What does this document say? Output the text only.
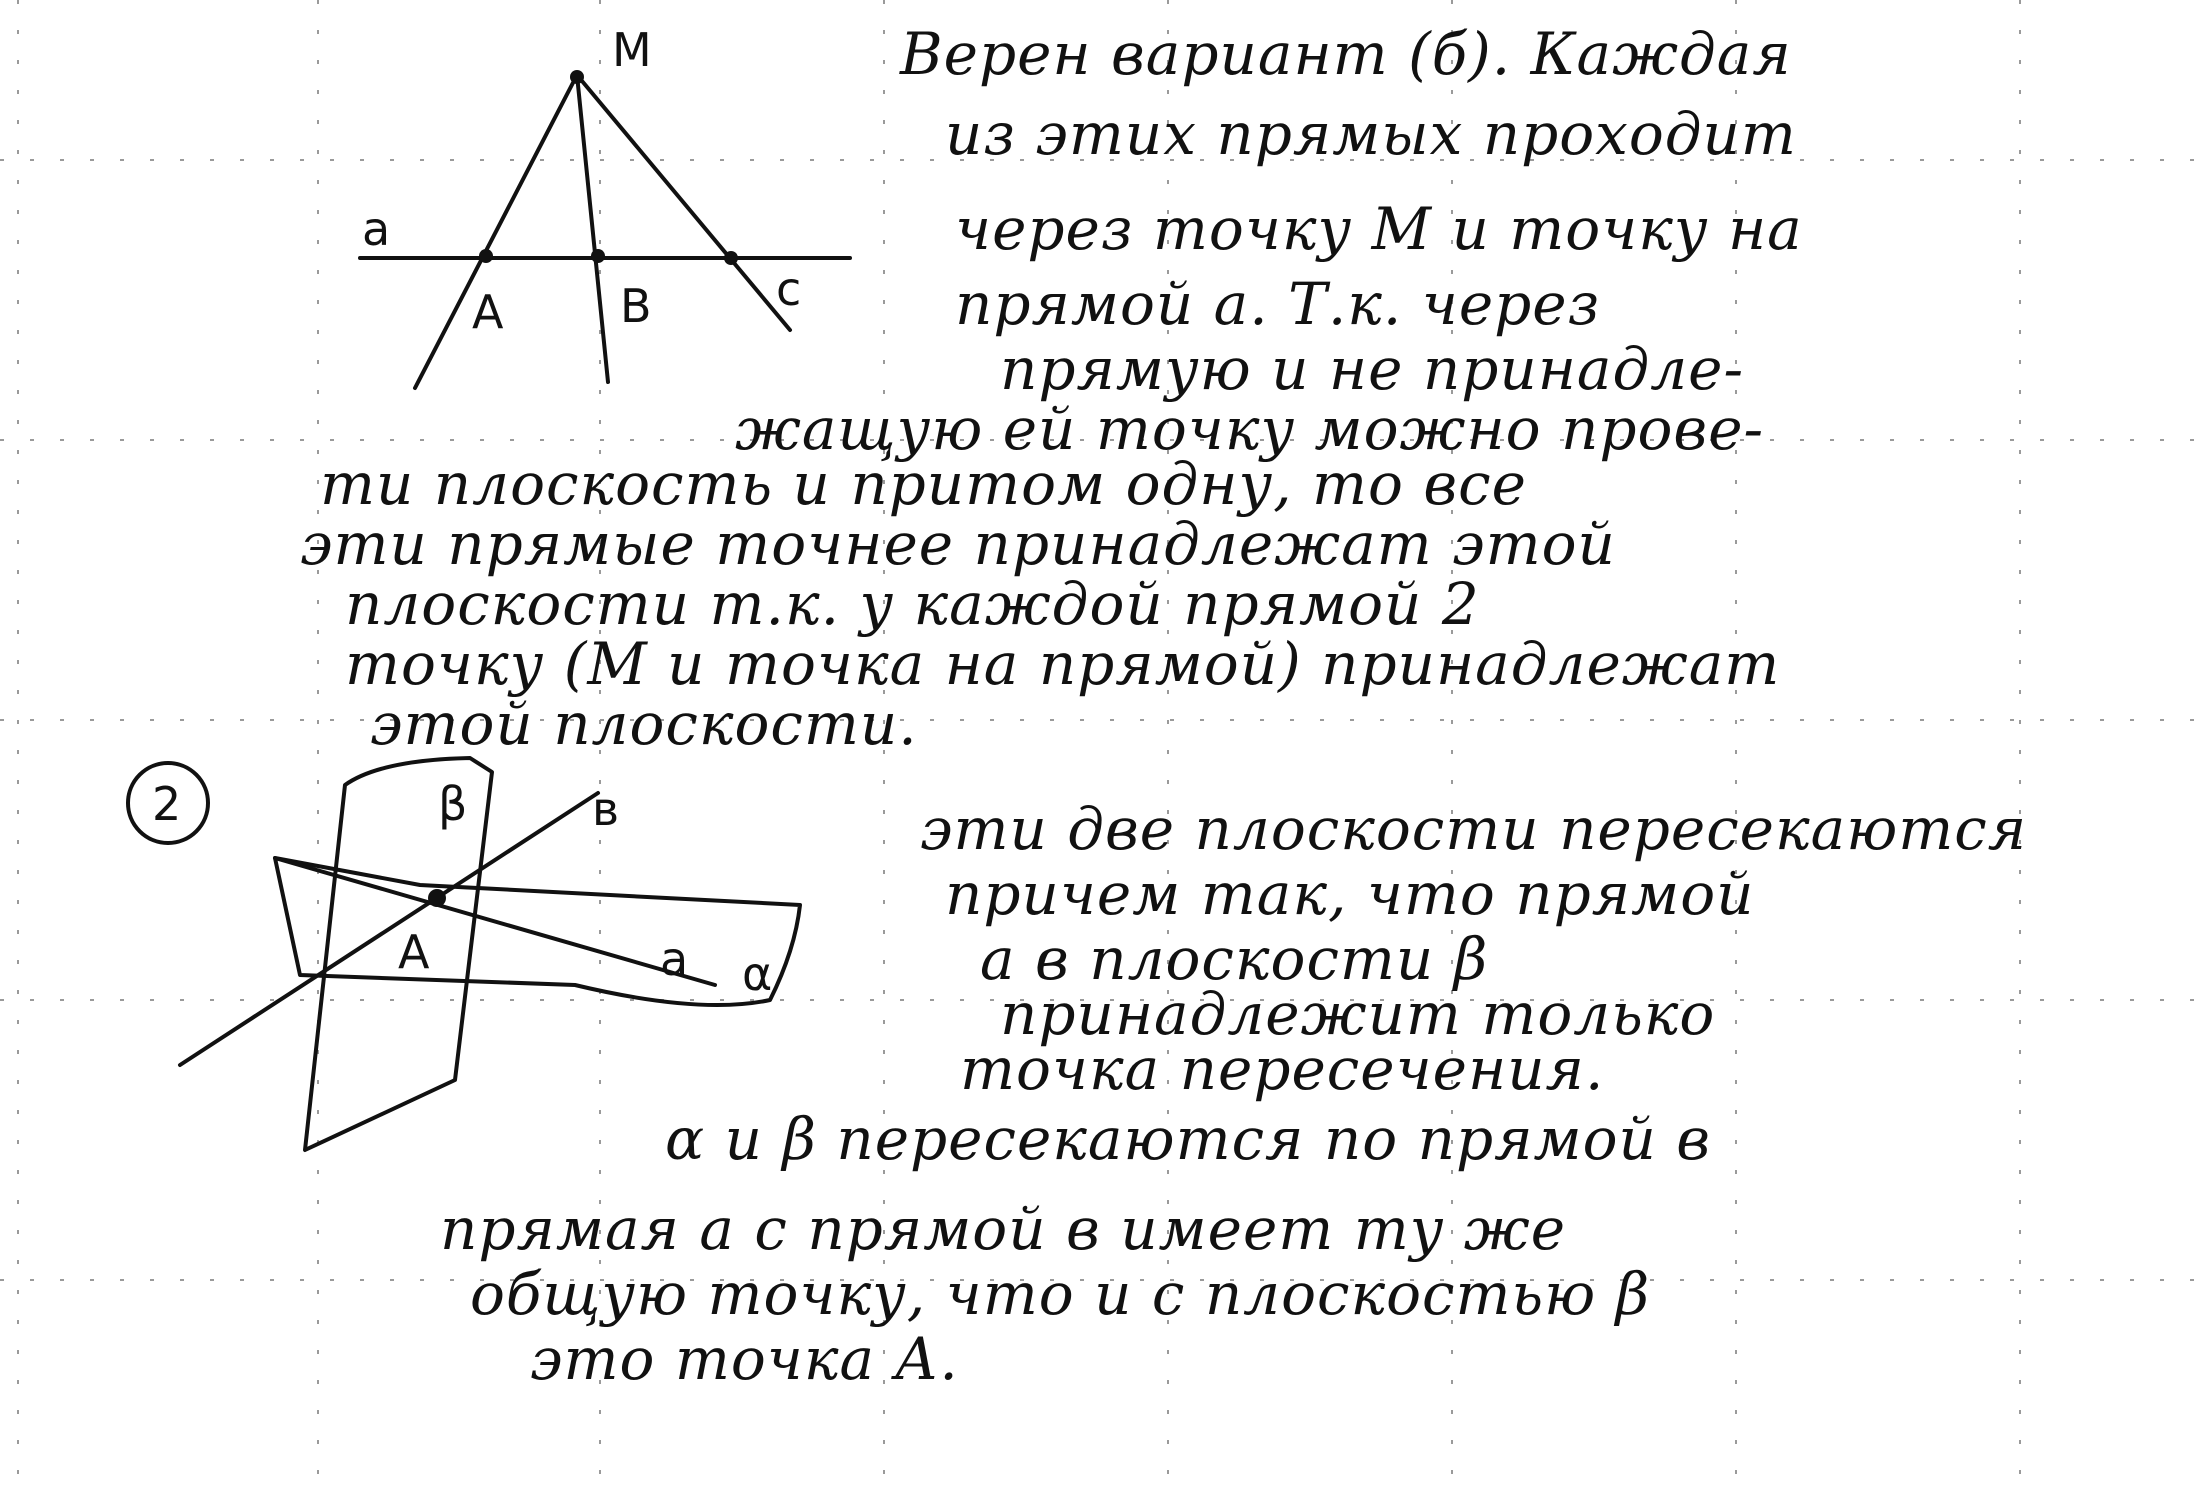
М
а
А	В	с
2	β	в
А	а α
Верен вариант (б). Каждая
из этих прямых проходит
через точку М и точку на
прямой а. Т.к. через
прямую и не принадле-
жащую ей точку можно прове-
ти плоскость и притом одну, то все
эти прямые точнее принадлежат этой
плоскости т.к. у каждой прямой 2
точку (М и точка на прямой) принадлежат
этой плоскости.
эти две плоскости пересекаются
причем так, что прямой
а в плоскости β
принадлежит только
точка пересечения.
α и β пересекаются по прямой в
прямая а с прямой в имеет ту же
общую точку, что и с плоскостью β
это точка А.
